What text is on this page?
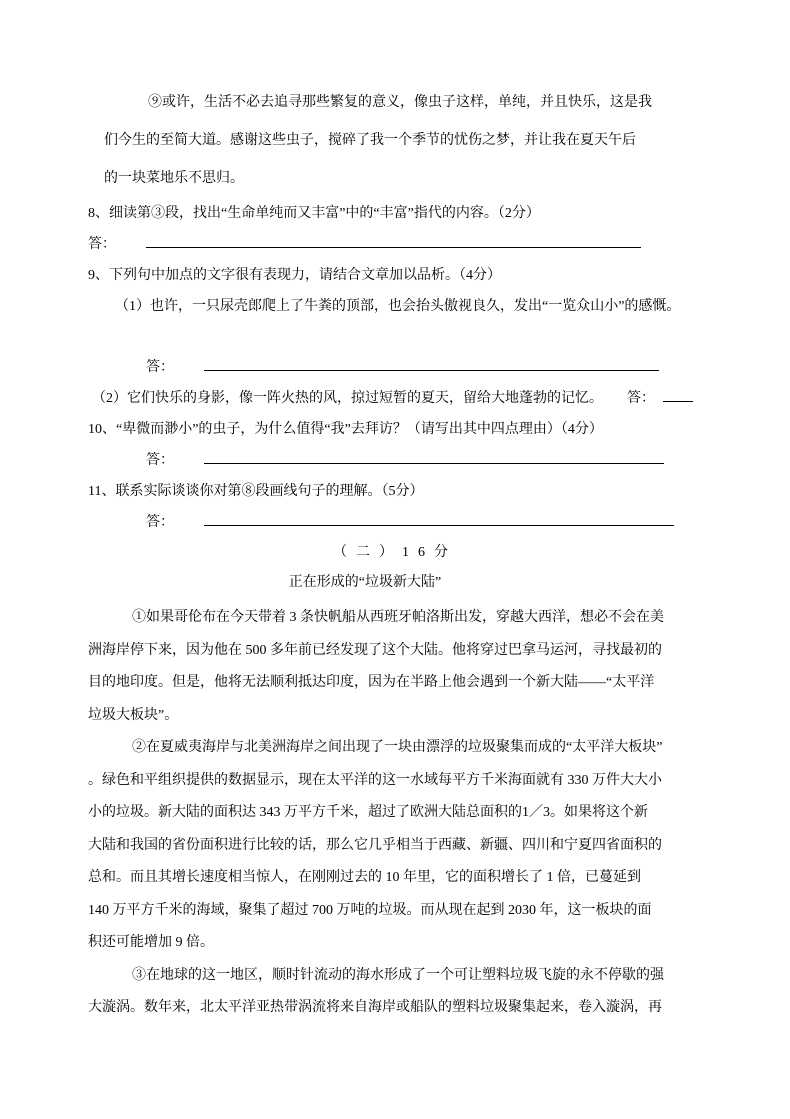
⑨或许，生活不必去追寻那些繁复的意义，像虫子这样，单纯，并且快乐，这是我
们今生的至简大道。感谢这些虫子，搅碎了我一个季节的忧伤之梦，并让我在夏天午后
的一块菜地乐不思归。
8、细读第③段，找出“生命单纯而又丰富”中的“丰富”指代的内容。（2分）
答：
9、下列句中加点的文字很有表现力，请结合文章加以品析。（4分）
（1）也许，一只尿壳郎爬上了牛粪的顶部，也会抬头傲视良久，发出“一览众山小”的感慨。
答：
（2）它们快乐的身影，像一阵火热的风，掠过短暂的夏天，留给大地蓬勃的记忆。 答：
10、“卑微而渺小”的虫子，为什么值得“我”去拜访？（请写出其中四点理由）（4分）
答：
11、联系实际谈谈你对第⑧段画线句子的理解。（5分）
答：
（二）16分
正在形成的“垃圾新大陆”
①如果哥伦布在今天带着 3 条快帆船从西班牙帕洛斯出发，穿越大西洋，想必不会在美
洲海岸停下来，因为他在 500 多年前已经发现了这个大陆。他将穿过巴拿马运河，寻找最初的
目的地印度。但是，他将无法顺利抵达印度，因为在半路上他会遇到一个新大陆――“太平洋
垃圾大板块”。
②在夏威夷海岸与北美洲海岸之间出现了一块由漂浮的垃圾聚集而成的“太平洋大板块”
。绿色和平组织提供的数据显示，现在太平洋的这一水域每平方千米海面就有 330 万件大大小
小的垃圾。新大陆的面积达 343 万平方千米，超过了欧洲大陆总面积的1／3。如果将这个新
大陆和我国的省份面积进行比较的话，那么它几乎相当于西藏、新疆、四川和宁夏四省面积的
总和。而且其增长速度相当惊人，在刚刚过去的 10 年里，它的面积增长了 1 倍，已蔓延到
140 万平方千米的海域，聚集了超过 700 万吨的垃圾。而从现在起到 2030 年，这一板块的面
积还可能增加 9 倍。
③在地球的这一地区，顺时针流动的海水形成了一个可让塑料垃圾飞旋的永不停歇的强
大漩涡。数年来，北太平洋亚热带涡流将来自海岸或船队的塑料垃圾聚集起来，卷入漩涡，再
